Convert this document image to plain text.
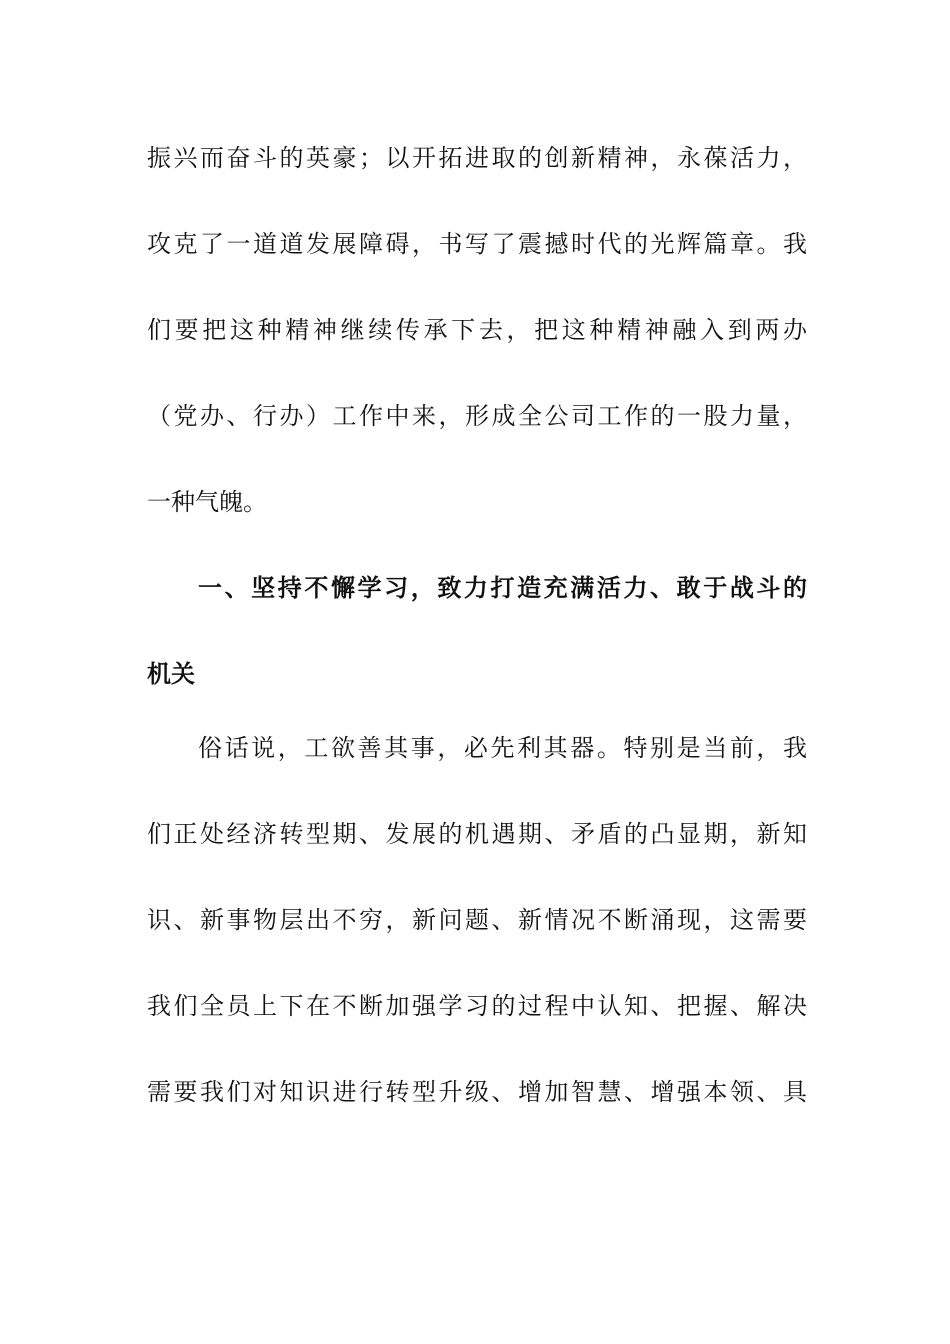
振兴而奋斗的英豪；以开拓进取的创新精神，永葆活力，
攻克了一道道发展障碍，书写了震撼时代的光辉篇章。我
们要把这种精神继续传承下去，把这种精神融入到两办
（党办、行办）工作中来，形成全公司工作的一股力量，
一种气魄。
一、坚持不懈学习，致力打造充满活力、敢于战斗的
机关
俗话说，工欲善其事，必先利其器。特别是当前，我
们正处经济转型期、发展的机遇期、矛盾的凸显期，新知
识、新事物层出不穷，新问题、新情况不断涌现，这需要
我们全员上下在不断加强学习的过程中认知、把握、解决
需要我们对知识进行转型升级、增加智慧、增强本领、具
